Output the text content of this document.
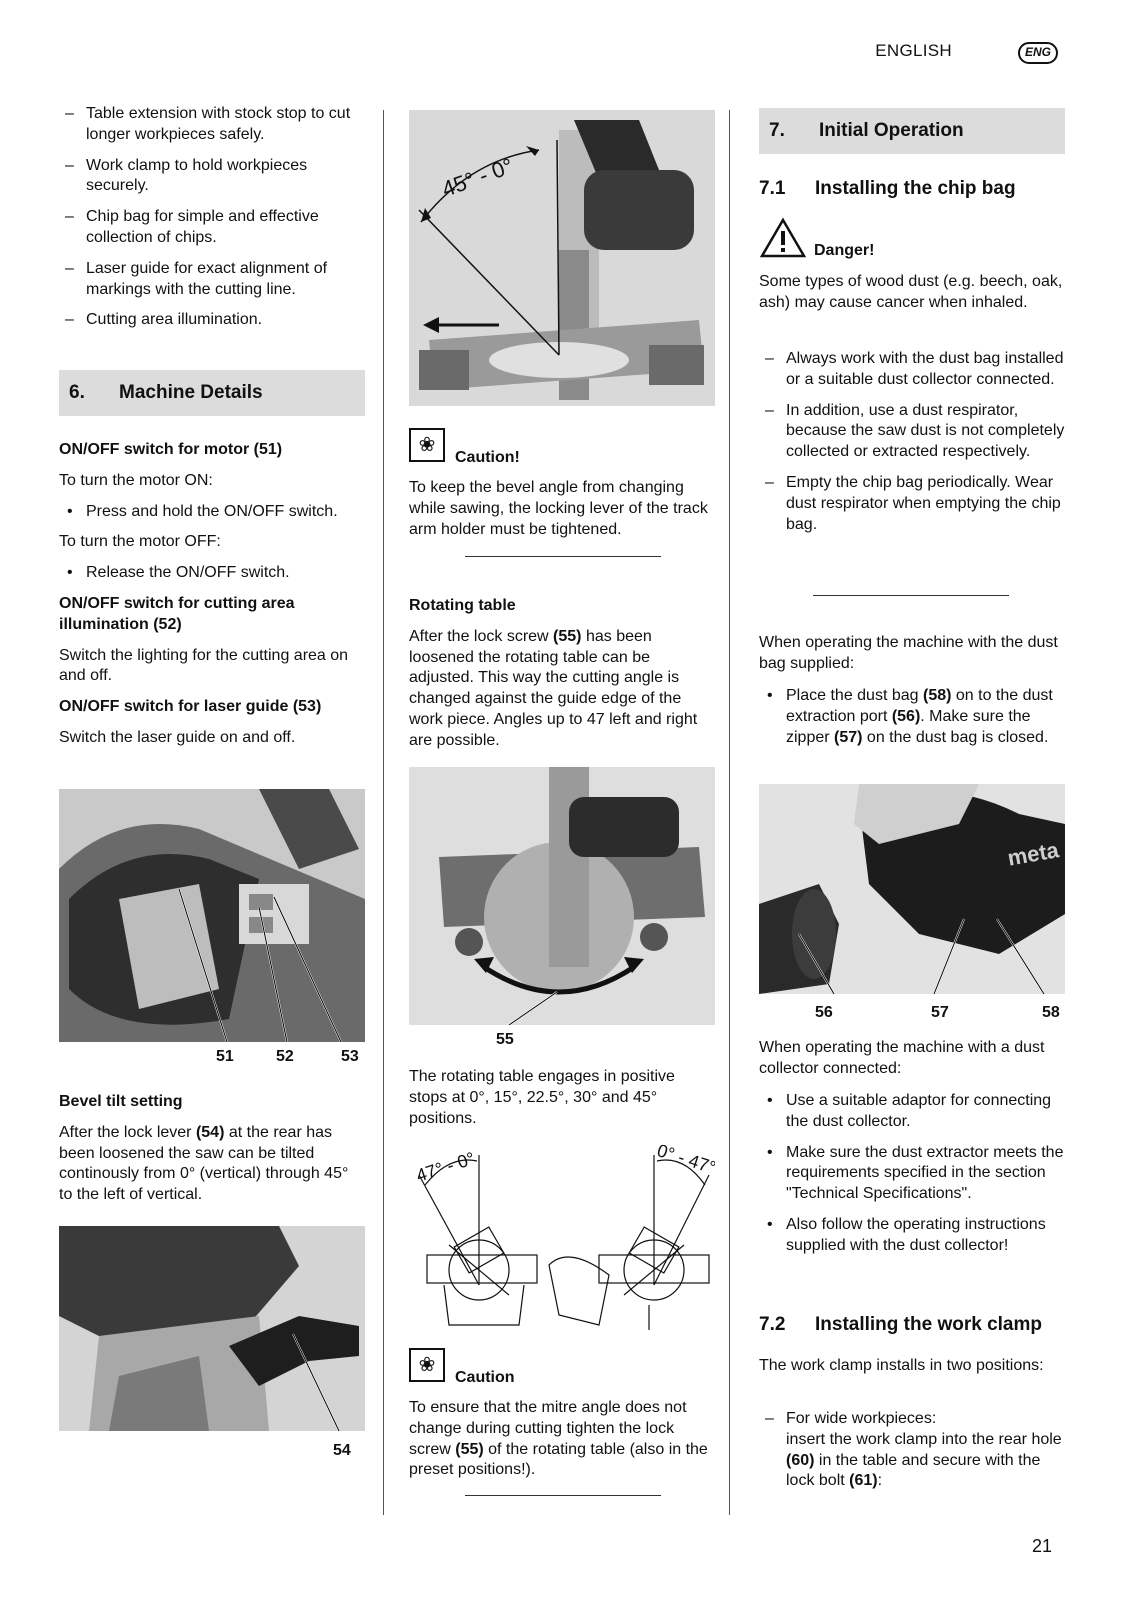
ENGLISH	ENG
– Table extension with stock stop to cut longer workpieces safely.
– Work clamp to hold workpieces securely.
– Chip bag for simple and effective collection of chips.
– Laser guide for exact alignment of markings with the cutting line.
– Cutting area illumination.
6.	Machine Details

ON/OFF switch for motor (51)

To turn the motor ON:

• Press and hold the ON/OFF switch.

To turn the motor OFF:

• Release the ON/OFF switch.

ON/OFF switch for cutting area illumination (52)

Switch the lighting for the cutting area on and off.

ON/OFF switch for laser guide (53)

Switch the laser guide on and off.

51	52	53

Bevel tilt setting

After the lock lever (54) at the rear has been loosened the saw can be tilted continously from 0° (vertical) through 45° to the left of vertical.

54
45° - 0°
❀
Caution!

To keep the bevel angle from changing while sawing, the locking lever of the track arm holder must be tightened.

Rotating table

After the lock screw (55) has been loosened the rotating table can be adjusted. This way the cutting angle is changed against the guide edge of the work piece. Angles up to 47 left and right are possible.

55

The rotating table engages in positive stops at 0°, 15°, 22.5°, 30° and 45° positions.

47° - 0°	0° - 47°
❀
Caution

To ensure that the mitre angle does not change during cutting tighten the lock screw (55) of the rotating table (also in the preset positions!).

7.	Initial Operation
7.1	Installing the chip bag
Danger!

Some types of wood dust (e.g. beech, oak, ash) may cause cancer when inhaled.

– Always work with the dust bag installed or a suitable dust collector connected.
– In addition, use a dust respirator, because the saw dust is not completely collected or extracted respectively.
– Empty the chip bag periodically. Wear dust respirator when emptying the chip bag.

When operating the machine with the dust bag supplied:

• Place the dust bag (58) on to the dust extraction port (56). Make sure the zipper (57) on the dust bag is closed.
meta
56	57	58

When operating the machine with a dust collector connected:

• Use a suitable adaptor for connecting the dust collector.
• Make sure the dust extractor meets the requirements specified in the section "Technical Specifications".
• Also follow the operating instructions supplied with the dust collector!
7.2	Installing the work clamp

The work clamp installs in two positions:

– For wide workpieces:
insert the work clamp into the rear hole (60) in the table and secure with the lock bolt (61):
21
